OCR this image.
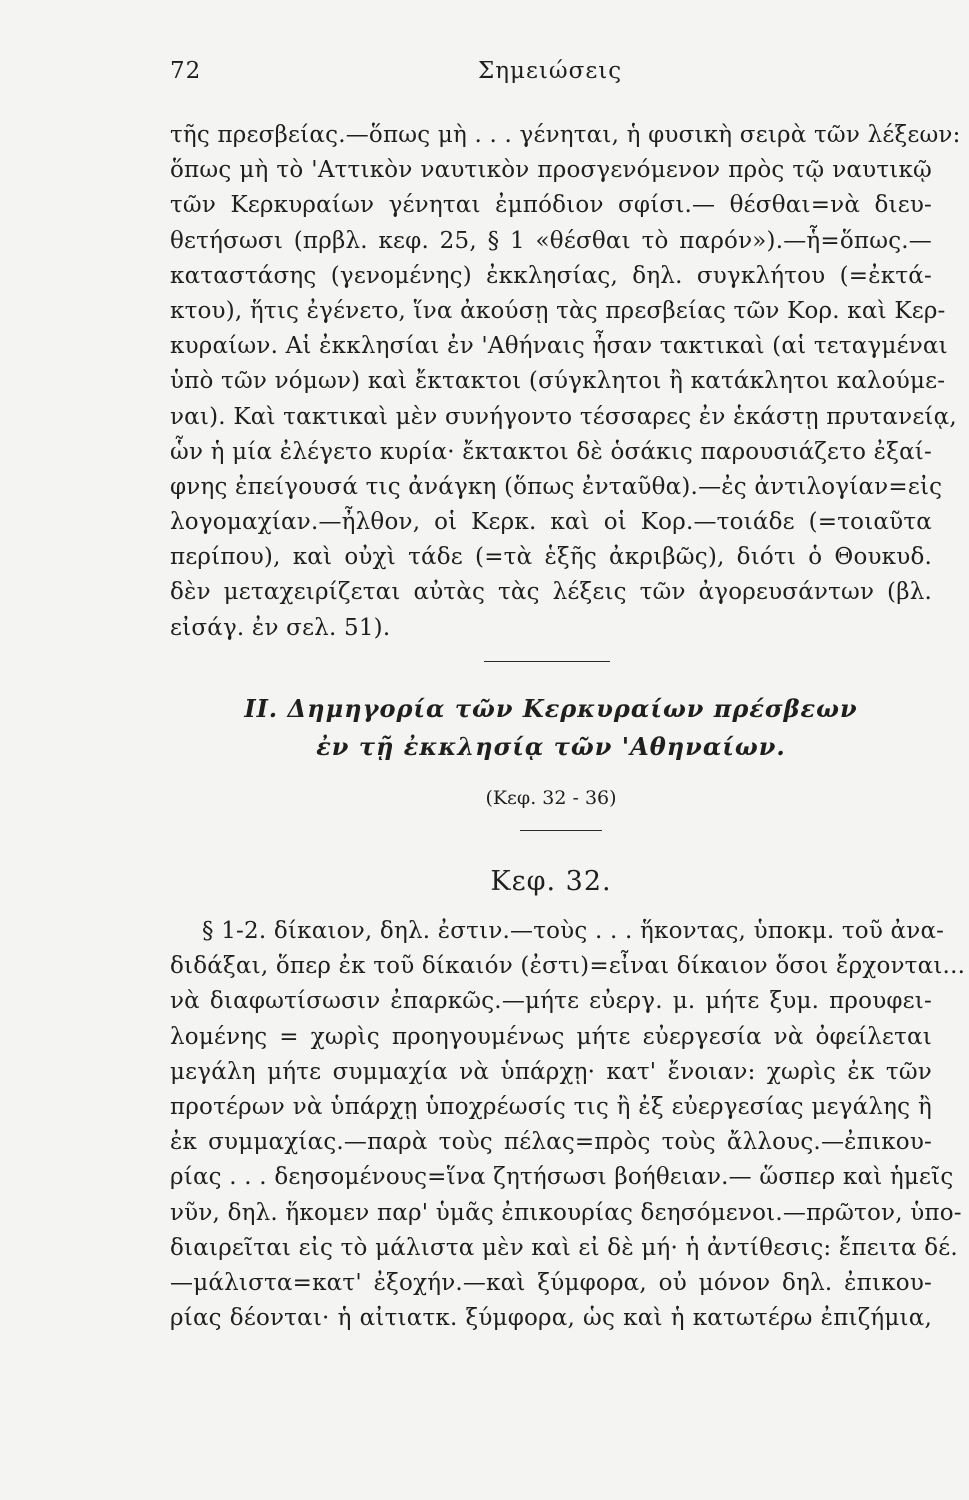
72	Σημειώσεις
τῆς πρεσβείας.—ὅπως μὴ . . . γένηται, ἡ φυσικὴ σειρὰ τῶν λέξεων:
ὅπως μὴ τὸ 'Αττικὸν ναυτικὸν προσγενόμενον πρὸς τῷ ναυτικῷ
τῶν Κερκυραίων γένηται ἐμπόδιον σφίσι.— θέσθαι=νὰ διευ-
θετήσωσι (πρβλ. κεφ. 25, § 1 «θέσθαι τὸ παρόν»).—ἧ=ὅπως.—
καταστάσης (γενομένης) ἐκκλησίας, δηλ. συγκλήτου (=ἐκτά-
κτου), ἥτις ἐγένετο, ἵνα ἀκούσῃ τὰς πρεσβείας τῶν Κορ. καὶ Κερ-
κυραίων. Αἱ ἐκκλησίαι ἐν 'Αθήναις ἦσαν τακτικαὶ (αἱ τεταγμέναι
ὑπὸ τῶν νόμων) καὶ ἔκτακτοι (σύγκλητοι ἢ κατάκλητοι καλούμε-
ναι). Καὶ τακτικαὶ μὲν συνήγοντο τέσσαρες ἐν ἑκάστῃ πρυτανείᾳ,
ὧν ἡ μία ἐλέγετο κυρία· ἔκτακτοι δὲ ὁσάκις παρουσιάζετο ἐξαί-
φνης ἐπείγουσά τις ἀνάγκη (ὅπως ἐνταῦθα).—ἐς ἀντιλογίαν=εἰς
λογομαχίαν.—ἦλθον, οἱ Κερκ. καὶ οἱ Κορ.—τοιάδε (=τοιαῦτα
περίπου), καὶ οὐχὶ τάδε (=τὰ ἑξῆς ἀκριβῶς), διότι ὁ Θουκυδ.
δὲν μεταχειρίζεται αὐτὰς τὰς λέξεις τῶν ἀγορευσάντων (βλ.
εἰσάγ. ἐν σελ. 51).
II. Δημηγορία τῶν Κερκυραίων πρέσβεων
ἐν τῇ ἐκκλησίᾳ τῶν 'Αθηναίων.
(Κεφ. 32 - 36)
Κεφ. 32.
§ 1-2. δίκαιον, δηλ. ἐστιν.—τοὺς . . . ἥκοντας, ὑποκμ. τοῦ ἀνα-
διδάξαι, ὅπερ ἐκ τοῦ δίκαιόν (ἐστι)=εἶναι δίκαιον ὅσοι ἔρχονται...
νὰ διαφωτίσωσιν ἐπαρκῶς.—μήτε εὐεργ. μ. μήτε ξυμ. προυφει-
λομένης = χωρὶς προηγουμένως μήτε εὐεργεσία νὰ ὀφείλεται
μεγάλη μήτε συμμαχία νὰ ὑπάρχῃ· κατ' ἔνοιαν: χωρὶς ἐκ τῶν
προτέρων νὰ ὑπάρχῃ ὑποχρέωσίς τις ἢ ἐξ εὐεργεσίας μεγάλης ἢ
ἐκ συμμαχίας.—παρὰ τοὺς πέλας=πρὸς τοὺς ἄλλους.—ἐπικου-
ρίας . . . δεησομένους=ἵνα ζητήσωσι βοήθειαν.— ὥσπερ καὶ ἡμεῖς
νῦν, δηλ. ἥκομεν παρ' ὑμᾶς ἐπικουρίας δεησόμενοι.—πρῶτον, ὑπο-
διαιρεῖται εἰς τὸ μάλιστα μὲν καὶ εἰ δὲ μή· ἡ ἀντίθεσις: ἔπειτα δέ.
—μάλιστα=κατ' ἐξοχήν.—καὶ ξύμφορα, οὐ μόνον δηλ. ἐπικου-
ρίας δέονται· ἡ αἰτιατκ. ξύμφορα, ὡς καὶ ἡ κατωτέρω ἐπιζήμια,
